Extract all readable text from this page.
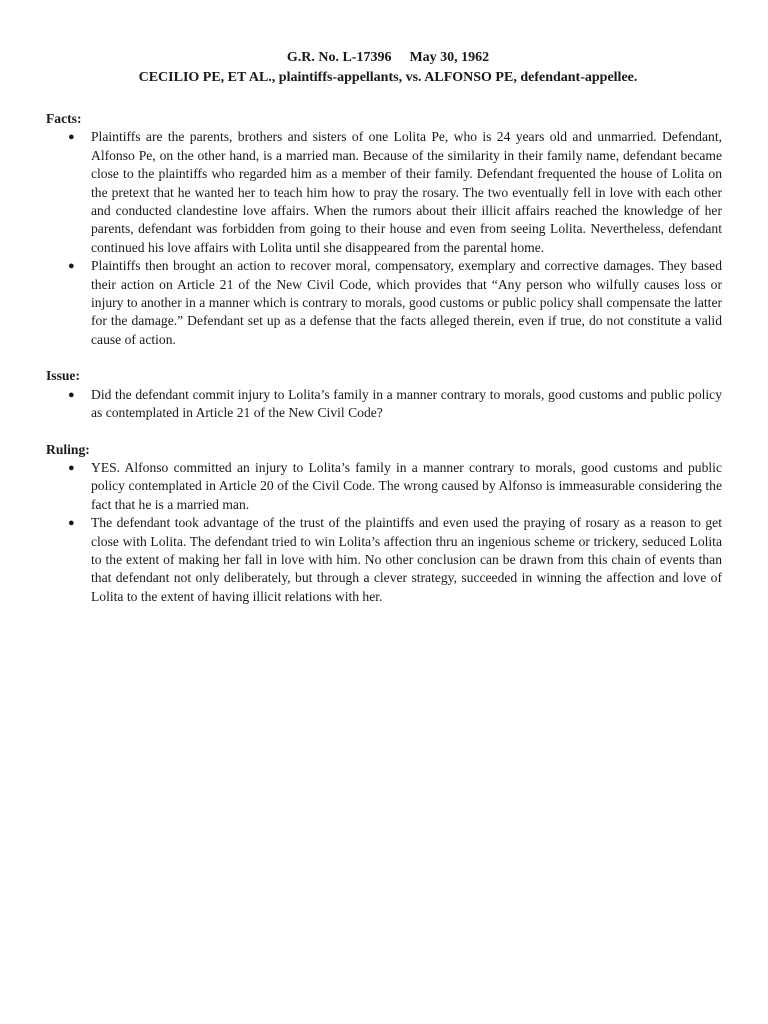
G.R. No. L-17396 May 30, 1962
CECILIO PE, ET AL., plaintiffs-appellants, vs. ALFONSO PE, defendant-appellee.
Facts:
● Plaintiffs are the parents, brothers and sisters of one Lolita Pe, who is 24 years old and unmarried. Defendant, Alfonso Pe, on the other hand, is a married man. Because of the similarity in their family name, defendant became close to the plaintiffs who regarded him as a member of their family. Defendant frequented the house of Lolita on the pretext that he wanted her to teach him how to pray the rosary. The two eventually fell in love with each other and conducted clandestine love affairs. When the rumors about their illicit affairs reached the knowledge of her parents, defendant was forbidden from going to their house and even from seeing Lolita. Nevertheless, defendant continued his love affairs with Lolita until she disappeared from the parental home.
● Plaintiffs then brought an action to recover moral, compensatory, exemplary and corrective damages. They based their action on Article 21 of the New Civil Code, which provides that “Any person who wilfully causes loss or injury to another in a manner which is contrary to morals, good customs or public policy shall compensate the latter for the damage.” Defendant set up as a defense that the facts alleged therein, even if true, do not constitute a valid cause of action.
Issue:
● Did the defendant commit injury to Lolita’s family in a manner contrary to morals, good customs and public policy as contemplated in Article 21 of the New Civil Code?
Ruling:
● YES. Alfonso committed an injury to Lolita’s family in a manner contrary to morals, good customs and public policy contemplated in Article 20 of the Civil Code. The wrong caused by Alfonso is immeasurable considering the fact that he is a married man.
● The defendant took advantage of the trust of the plaintiffs and even used the praying of rosary as a reason to get close with Lolita. The defendant tried to win Lolita’s affection thru an ingenious scheme or trickery, seduced Lolita to the extent of making her fall in love with him. No other conclusion can be drawn from this chain of events than that defendant not only deliberately, but through a clever strategy, succeeded in winning the affection and love of Lolita to the extent of having illicit relations with her.
